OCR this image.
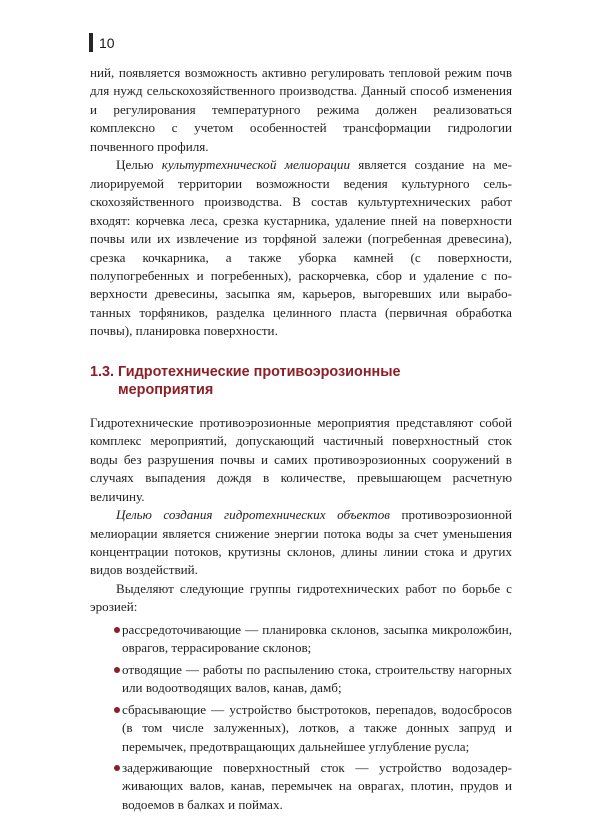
10

ний, появляется возможность активно регулировать тепловой режим почв для нужд сельскохозяйственного производства. Данный способ изменения и регулирования температурного режима должен реализоваться комплексно с учетом особенностей трансформации гидрологии почвенного профиля.

Целью культуртехнической мелиорации является создание на мелиорируемой территории возможности ведения культурного сельскохозяйственного производства. В состав культуртехнических работ входят: корчевка леса, срезка кустарника, удаление пней на поверхности почвы или их извлечение из торфяной залежи (погребенная древесина), срезка кочкарника, а также уборка камней (с поверхности, полупогребенных и погребенных), раскорчевка, сбор и удаление с поверхности древесины, засыпка ям, карьеров, выгоревших или выработанных торфяников, разделка целинного пласта (первичная обработка почвы), планировка поверхности.

1.3. Гидротехнические противоэрозионные
мероприятия

Гидротехнические противоэрозионные мероприятия представляют собой комплекс мероприятий, допускающий частичный поверхностный сток воды без разрушения почвы и самих противоэрозионных сооружений в случаях выпадения дождя в количестве, превышающем расчетную величину.

Целью создания гидротехнических объектов противоэрозионной мелиорации является снижение энергии потока воды за счет уменьшения концентрации потоков, крутизны склонов, длины линии стока и других видов воздействий.

Выделяют следующие группы гидротехнических работ по борьбе с эрозией:

рассредоточивающие — планировка склонов, засыпка микроложбин, оврагов, террасирование склонов;
отводящие — работы по распылению стока, строительству нагорных или водоотводящих валов, канав, дамб;
сбрасывающие — устройство быстротоков, перепадов, водосбросов (в том числе залуженных), лотков, а также донных запруд и перемычек, предотвращающих дальнейшее углубление русла;
задерживающие поверхностный сток — устройство водозадерживающих валов, канав, перемычек на оврагах, плотин, прудов и водоемов в балках и поймах.
